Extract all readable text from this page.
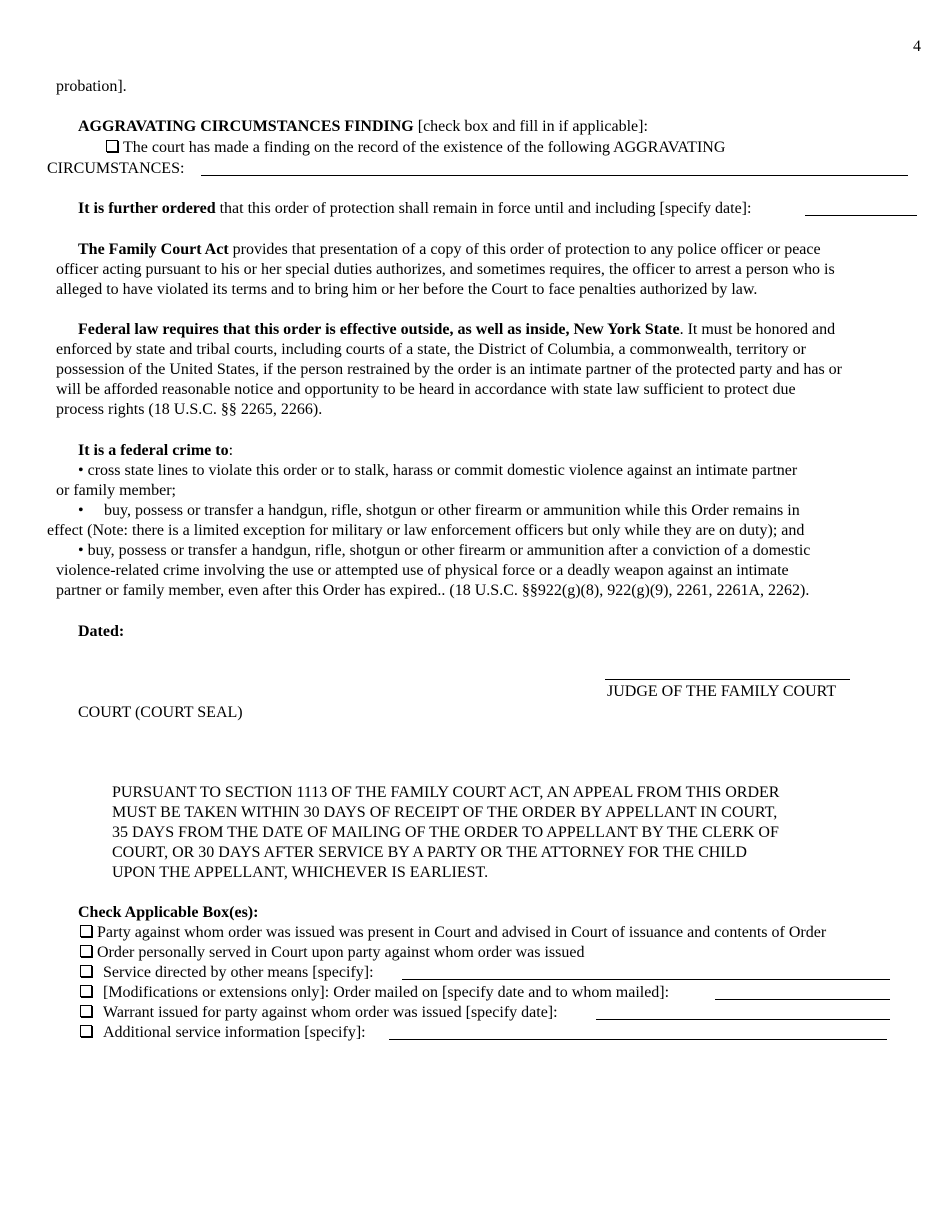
4
probation].
AGGRAVATING CIRCUMSTANCES FINDING [check box and fill in if applicable]:
The court has made a finding on the record of the existence of the following AGGRAVATING
CIRCUMSTANCES:
It is further ordered that this order of protection shall remain in force until and including [specify date]:
The Family Court Act provides that presentation of a copy of this order of protection to any police officer or peace
officer acting pursuant to his or her special duties authorizes, and sometimes requires, the officer to arrest a person who is
alleged to have violated its terms and to bring him or her before the Court to face penalties authorized by law.
Federal law requires that this order is effective outside, as well as inside, New York State. It must be honored and
enforced by state and tribal courts, including courts of a state, the District of Columbia, a commonwealth, territory or
possession of the United States, if the person restrained by the order is an intimate partner of the protected party and has or
will be afforded reasonable notice and opportunity to be heard in accordance with state law sufficient to protect due
process rights (18 U.S.C. §§ 2265, 2266).
It is a federal crime to:
• cross state lines to violate this order or to stalk, harass or commit domestic violence against an intimate partner
or family member;
• buy, possess or transfer a handgun, rifle, shotgun or other firearm or ammunition while this Order remains in
effect (Note: there is a limited exception for military or law enforcement officers but only while they are on duty); and
• buy, possess or transfer a handgun, rifle, shotgun or other firearm or ammunition after a conviction of a domestic
violence-related crime involving the use or attempted use of physical force or a deadly weapon against an intimate
partner or family member, even after this Order has expired.. (18 U.S.C. §§922(g)(8), 922(g)(9), 2261, 2261A, 2262).
Dated:
JUDGE OF THE FAMILY COURT
COURT (COURT SEAL)
PURSUANT TO SECTION 1113 OF THE FAMILY COURT ACT, AN APPEAL FROM THIS ORDER
MUST BE TAKEN WITHIN 30 DAYS OF RECEIPT OF THE ORDER BY APPELLANT IN COURT,
35 DAYS FROM THE DATE OF MAILING OF THE ORDER TO APPELLANT BY THE CLERK OF
COURT, OR 30 DAYS AFTER SERVICE BY A PARTY OR THE ATTORNEY FOR THE CHILD
UPON THE APPELLANT, WHICHEVER IS EARLIEST.
Check Applicable Box(es):
Party against whom order was issued was present in Court and advised in Court of issuance and contents of Order
Order personally served in Court upon party against whom order was issued
Service directed by other means [specify]:
[Modifications or extensions only]: Order mailed on [specify date and to whom mailed]:
Warrant issued for party against whom order was issued [specify date]:
Additional service information [specify]:
